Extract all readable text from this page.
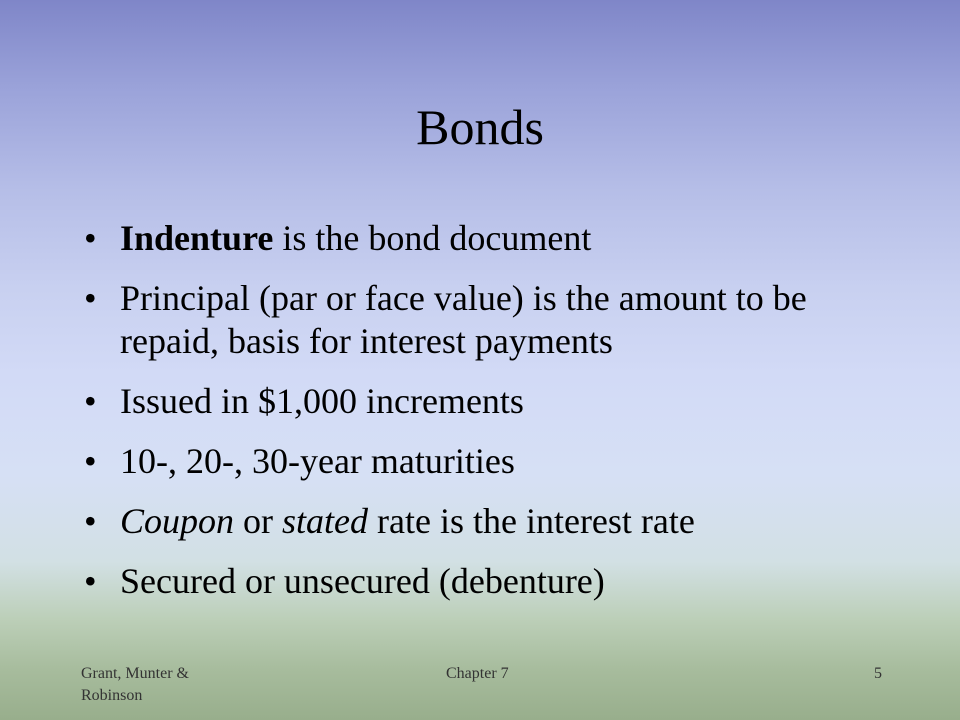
Bonds
• Indenture is the bond document
• Principal (par or face value) is the amount to be repaid, basis for interest payments
• Issued in $1,000 increments
• 10-, 20-, 30-year maturities
• Coupon or stated rate is the interest rate
• Secured or unsecured (debenture)
Grant, Munter & Robinson
Chapter 7	5
